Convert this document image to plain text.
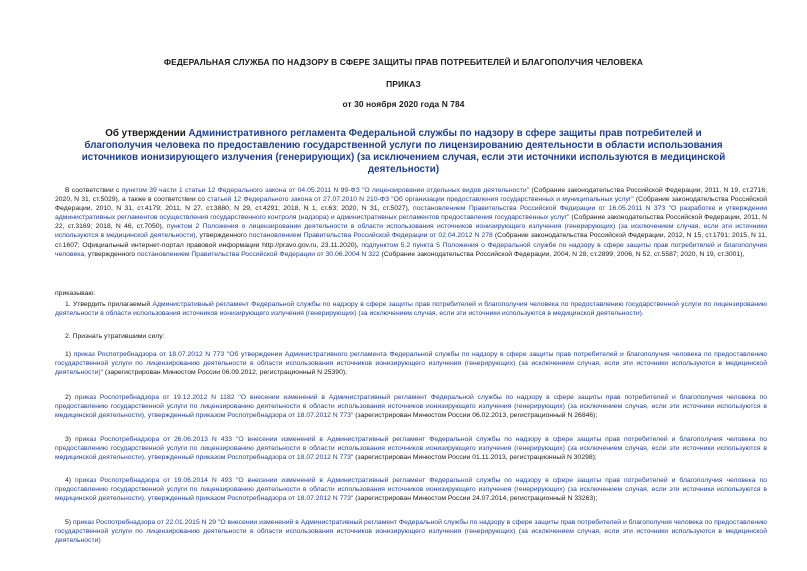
ФЕДЕРАЛЬНАЯ СЛУЖБА ПО НАДЗОРУ В СФЕРЕ ЗАЩИТЫ ПРАВ ПОТРЕБИТЕЛЕЙ И БЛАГОПОЛУЧИЯ ЧЕЛОВЕКА
ПРИКАЗ
от 30 ноября 2020 года N 784
Об утверждении Административного регламента Федеральной службы по надзору в сфере защиты прав потребителей и благополучия человека по предоставлению государственной услуги по лицензированию деятельности в области использования источников ионизирующего излучения (генерирующих) (за исключением случая, если эти источники используются в медицинской деятельности)
В соответствии с пунктом 39 части 1 статьи 12 Федерального закона от 04.05.2011 N 99-ФЗ "О лицензировании отдельных видов деятельности" (Собрание законодательства Российской Федерации, 2011, N 19, ст.2716; 2020, N 31, ст.5029), а также в соответствии со статьей 12 Федерального закона от 27.07.2010 N 210-ФЗ "Об организации предоставления государственных и муниципальных услуг" (Собрание законодательства Российской Федерации, 2010, N 31, ст.4179; 2011, N 27, ст.3880; N 29, ст.4291; 2018, N 1, ст.63; 2020, N 31, ст.5027), постановлением Правительства Российской Федерации от 16.05.2011 N 373 "О разработке и утверждении административных регламентов осуществления государственного контроля (надзора) и административных регламентов предоставления государственных услуг" (Собрание законодательства Российской Федерации, 2011, N 22, ст.3169; 2018, N 46, ст.7050), пунктом 2 Положения о лицензировании деятельности в области использования источников ионизирующего излучения (генерирующих) (за исключением случая, если эти источники используются в медицинской деятельности), утвержденного постановлением Правительства Российской Федерации от 02.04.2012 N 278 (Собрание законодательства Российской Федерации, 2012, N 15, ст.1791; 2015, N 11, ст.1607; Официальный интернет-портал правовой информации http://pravo.gov.ru, 23.11.2020), подпунктом 5.2 пункта 5 Положения о Федеральной службе по надзору в сфере защиты прав потребителей и благополучия человека, утвержденного постановлением Правительства Российской Федерации от 30.06.2004 N 322 (Собрание законодательства Российской Федерации, 2004, N 28, ст.2899; 2006, N 52, ст.5587; 2020, N 19, ст.3001),
приказываю:
1. Утвердить прилагаемый Административный регламент Федеральной службы по надзору в сфере защиты прав потребителей и благополучия человека по предоставлению государственной услуги по лицензированию деятельности в области использования источников ионизирующего излучения (генерирующих) (за исключением случая, если эти источники используются в медицинской деятельности).
2. Признать утратившими силу:
1) приказ Роспотребнадзора от 18.07.2012 N 773 "Об утверждении Административного регламента Федеральной службы по надзору в сфере защиты прав потребителей и благополучия человека по предоставлению государственной услуги по лицензированию деятельности в области использования источников ионизирующего излучения (генерирующих) (за исключением случая, если эти источники используются в медицинской деятельности)" (зарегистрирован Минюстом России 06.09.2012, регистрационный N 25390);
2) приказ Роспотребнадзора от 19.12.2012 N 1182 "О внесении изменений в Административный регламент Федеральной службы по надзору в сфере защиты прав потребителей и благополучия человека по предоставлению государственной услуги по лицензированию деятельности в области использования источников ионизирующего излучения (генерирующих) (за исключением случая, если эти источники используются в медицинской деятельности), утвержденный приказом Роспотребнадзора от 18.07.2012 N 773" (зарегистрирован Минюстом России 06.02.2013, регистрационный N 26846);
3) приказ Роспотребнадзора от 26.06.2013 N 433 "О внесении изменений в Административный регламент Федеральной службы по надзору в сфере защиты прав потребителей и благополучия человека по предоставлению государственной услуги по лицензированию деятельности в области использования источников ионизирующего излучения (генерирующих) (за исключением случая, если эти источники используются в медицинской деятельности), утвержденный приказом Роспотребнадзора от 18.07.2012 N 773" (зарегистрирован Минюстом России 01.11.2013, регистрационный N 30298);
4) приказ Роспотребнадзора от 19.06.2014 N 493 "О внесении изменений в Административный регламент Федеральной службы по надзору в сфере защиты прав потребителей и благополучия человека по предоставлению государственной услуги по лицензированию деятельности в области использования источников ионизирующего излучения (генерирующих) (за исключением случая, если эти источники используются в медицинской деятельности), утвержденный приказом Роспотребнадзора от 18.07.2012 N 773" (зарегистрирован Минюстом России 24.07.2014, регистрационный N 33263);
5) приказ Роспотребнадзора от 22.01.2015 N 29 "О внесении изменений в Административный регламент Федеральной службы по надзору в сфере защиты прав потребителей и благополучия человека по предоставлению государственной услуги по лицензированию деятельности в области использования источников ионизирующего излучения (генерирующих) (за исключением случая, если эти источники используются в медицинской деятельности)
